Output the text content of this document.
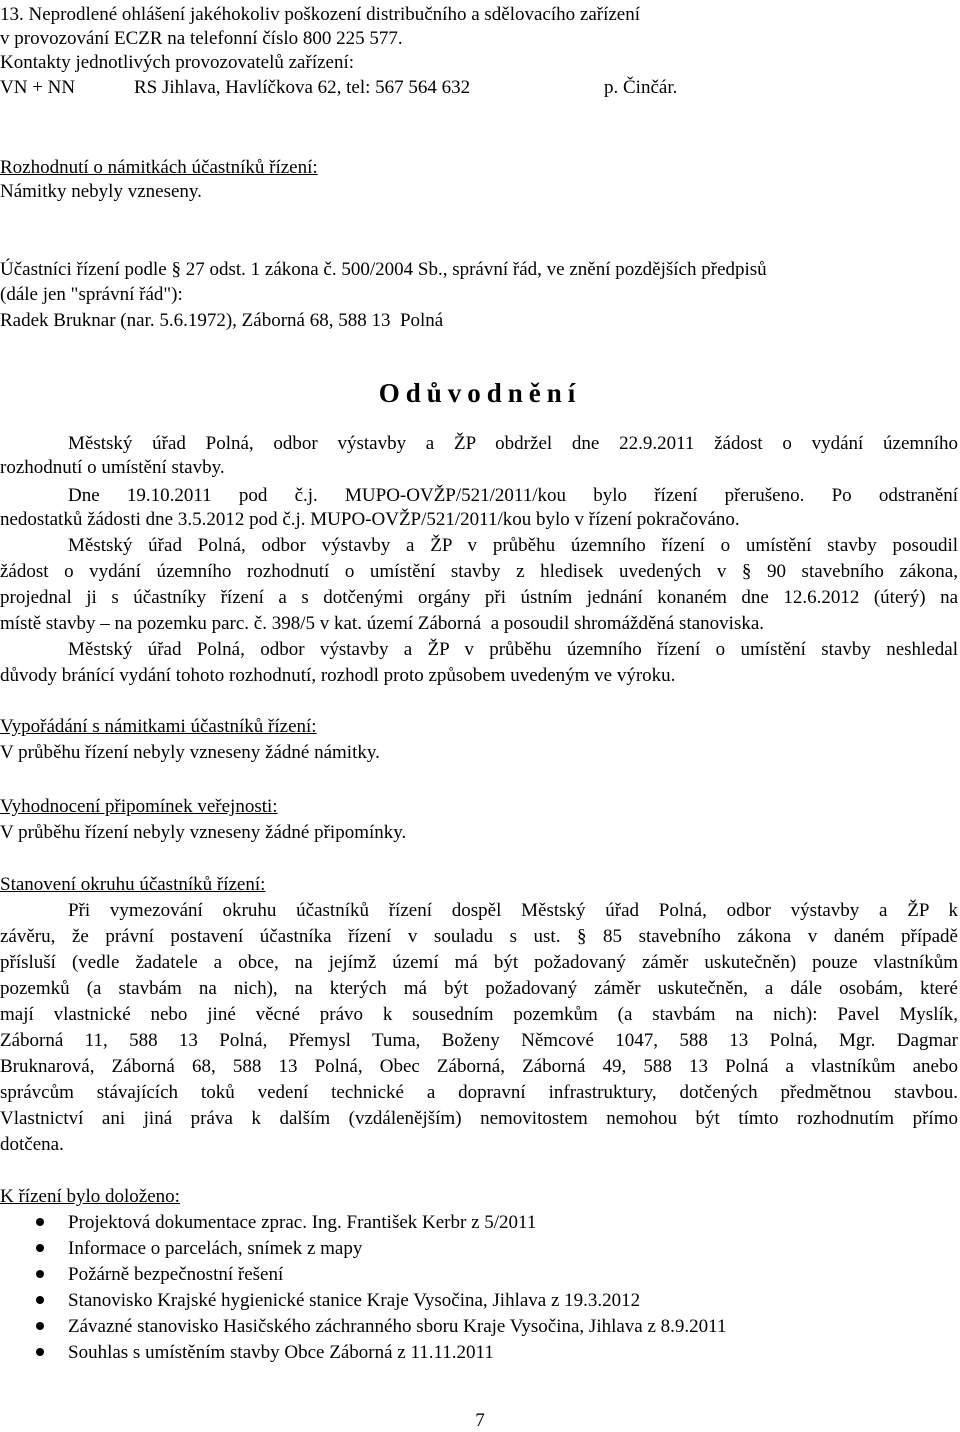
13. Neprodlené ohlášení jakéhokoliv poškození distribučního a sdělovacího zařízení
v provozování ECZR na telefonní číslo 800 225 577.
Kontakty jednotlivých provozovatelů zařízení:
VN + NN	RS Jihlava, Havlíčkova 62, tel: 567 564 632	p. Činčár.
Rozhodnutí o námitkách účastníků řízení:
Námitky nebyly vzneseny.
Účastníci řízení podle § 27 odst. 1 zákona č. 500/2004 Sb., správní řád, ve znění pozdějších předpisů
(dále jen "správní řád"):
Radek Bruknar (nar. 5.6.1972), Záborná 68, 588 13  Polná
Odůvodnění
Městský úřad Polná, odbor výstavby a ŽP obdržel dne 22.9.2011 žádost o vydání územního
rozhodnutí o umístění stavby.
Dne 19.10.2011 pod č.j. MUPO-OVŽP/521/2011/kou bylo řízení přerušeno. Po odstranění
nedostatků žádosti dne 3.5.2012 pod č.j. MUPO-OVŽP/521/2011/kou bylo v řízení pokračováno.
Městský úřad Polná, odbor výstavby a ŽP v průběhu územního řízení o umístění stavby posoudil
žádost o vydání územního rozhodnutí o umístění stavby z hledisek uvedených v § 90 stavebního zákona,
projednal ji s účastníky řízení a s dotčenými orgány při ústním jednání konaném dne 12.6.2012 (úterý) na
místě stavby – na pozemku parc. č. 398/5 v kat. území Záborná  a posoudil shromážděná stanoviska.
Městský úřad Polná, odbor výstavby a ŽP v průběhu územního řízení o umístění stavby neshledal
důvody bránící vydání tohoto rozhodnutí, rozhodl proto způsobem uvedeným ve výroku.
Vypořádání s námitkami účastníků řízení:
V průběhu řízení nebyly vzneseny žádné námitky.
Vyhodnocení připomínek veřejnosti:
V průběhu řízení nebyly vzneseny žádné připomínky.
Stanovení okruhu účastníků řízení:
Při vymezování okruhu účastníků řízení dospěl Městský úřad Polná, odbor výstavby a ŽP k
závěru, že právní postavení účastníka řízení v souladu s ust. § 85 stavebního zákona v daném případě
přísluší (vedle žadatele a obce, na jejímž území má být požadovaný záměr uskutečněn) pouze vlastníkům
pozemků (a stavbám na nich), na kterých má být požadovaný záměr uskutečněn, a dále osobám, které
mají vlastnické nebo jiné věcné právo k sousedním pozemkům (a stavbám na nich): Pavel Myslík,
Záborná 11, 588 13 Polná, Přemysl Tuma, Boženy Němcové 1047, 588 13 Polná, Mgr. Dagmar
Bruknarová, Záborná 68, 588 13 Polná, Obec Záborná, Záborná 49, 588 13 Polná a vlastníkům anebo
správcům stávajících toků vedení technické a dopravní infrastruktury, dotčených předmětnou stavbou.
Vlastnictví ani jiná práva k dalším (vzdálenějším) nemovitostem nemohou být tímto rozhodnutím přímo
dotčena.
K řízení bylo doloženo:
Projektová dokumentace zprac. Ing. František Kerbr z 5/2011
Informace o parcelách, snímek z mapy
Požárně bezpečnostní řešení
Stanovisko Krajské hygienické stanice Kraje Vysočina, Jihlava z 19.3.2012
Závazné stanovisko Hasičského záchranného sboru Kraje Vysočina, Jihlava z 8.9.2011
Souhlas s umístěním stavby Obce Záborná z 11.11.2011
7
